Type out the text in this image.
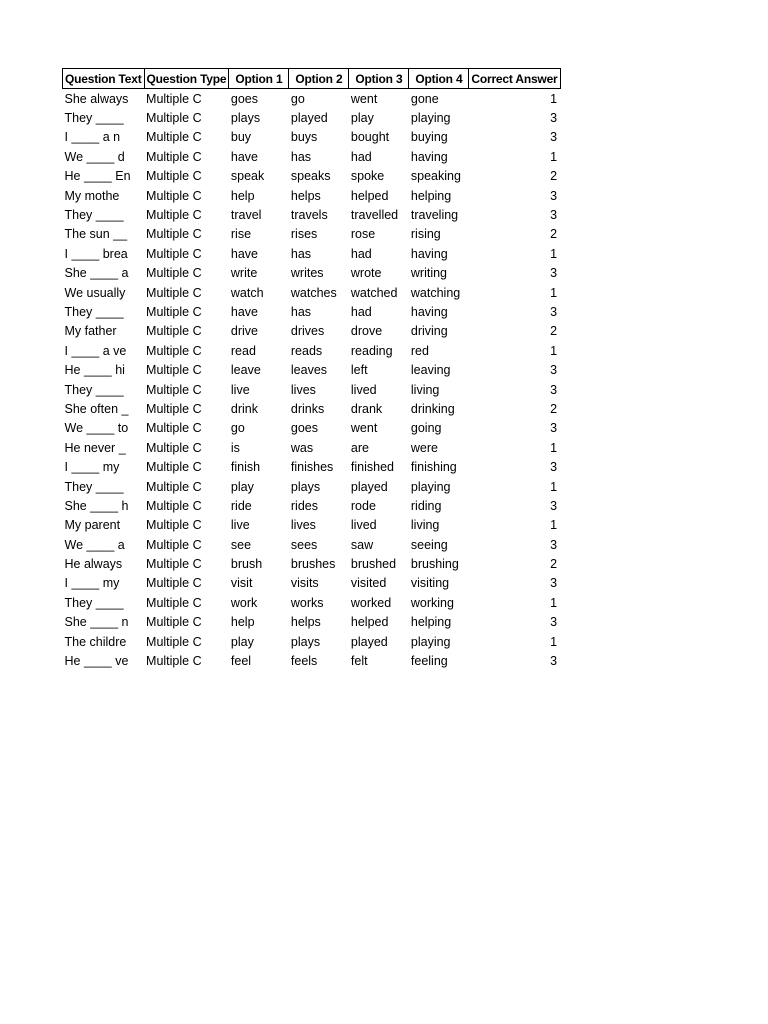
Question Text	Question Type	Option 1	Option 2	Option 3	Option 4	Correct Answer
She always	Multiple C	goes	go	went	gone	1
They ____	Multiple C	plays	played	play	playing	3
I ____ a n	Multiple C	buy	buys	bought	buying	3
We ____ d	Multiple C	have	has	had	having	1
He ____ En	Multiple C	speak	speaks	spoke	speaking	2
My mothe	Multiple C	help	helps	helped	helping	3
They ____	Multiple C	travel	travels	travelled	traveling	3
The sun __	Multiple C	rise	rises	rose	rising	2
I ____ brea	Multiple C	have	has	had	having	1
She ____ a	Multiple C	write	writes	wrote	writing	3
We usually	Multiple C	watch	watches	watched	watching	1
They ____	Multiple C	have	has	had	having	3
My father	Multiple C	drive	drives	drove	driving	2
I ____ a ve	Multiple C	read	reads	reading	red	1
He ____ hi	Multiple C	leave	leaves	left	leaving	3
They ____	Multiple C	live	lives	lived	living	3
She often _	Multiple C	drink	drinks	drank	drinking	2
We ____ to	Multiple C	go	goes	went	going	3
He never _	Multiple C	is	was	are	were	1
I ____ my	Multiple C	finish	finishes	finished	finishing	3
They ____	Multiple C	play	plays	played	playing	1
She ____ h	Multiple C	ride	rides	rode	riding	3
My parent	Multiple C	live	lives	lived	living	1
We ____ a	Multiple C	see	sees	saw	seeing	3
He always	Multiple C	brush	brushes	brushed	brushing	2
I ____ my	Multiple C	visit	visits	visited	visiting	3
They ____	Multiple C	work	works	worked	working	1
She ____ n	Multiple C	help	helps	helped	helping	3
The childre	Multiple C	play	plays	played	playing	1
He ____ ve	Multiple C	feel	feels	felt	feeling	3
